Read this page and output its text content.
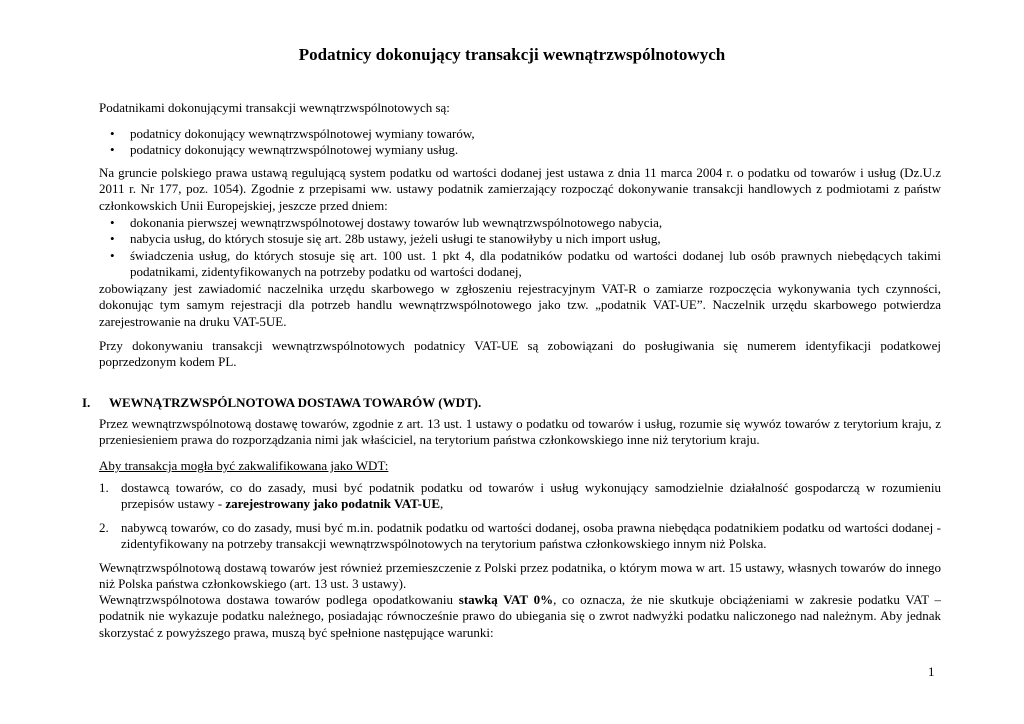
Podatnicy dokonujący transakcji wewnątrzwspólnotowych
Podatnikami dokonującymi transakcji wewnątrzwspólnotowych są:
• podatnicy dokonujący wewnątrzwspólnotowej wymiany towarów,
• podatnicy dokonujący wewnątrzwspólnotowej wymiany usług.
Na gruncie polskiego prawa ustawą regulującą system podatku od wartości dodanej jest ustawa z dnia 11 marca 2004 r. o podatku od towarów i usług (Dz.U.z 2011 r. Nr 177, poz. 1054). Zgodnie z przepisami ww. ustawy podatnik zamierzający rozpocząć dokonywanie transakcji handlowych z podmiotami z państw członkowskich Unii Europejskiej, jeszcze przed dniem:
• dokonania pierwszej wewnątrzwspólnotowej dostawy towarów lub wewnątrzwspólnotowego nabycia,
• nabycia usług, do których stosuje się art. 28b ustawy, jeżeli usługi te stanowiłyby u nich import usług,
• świadczenia usług, do których stosuje się art. 100 ust. 1 pkt 4, dla podatników podatku od wartości dodanej lub osób prawnych niebędących takimi podatnikami, zidentyfikowanych na potrzeby podatku od wartości dodanej,
zobowiązany jest zawiadomić naczelnika urzędu skarbowego w zgłoszeniu rejestracyjnym VAT-R o zamiarze rozpoczęcia wykonywania tych czynności, dokonując tym samym rejestracji dla potrzeb handlu wewnątrzwspólnotowego jako tzw. „podatnik VAT-UE”. Naczelnik urzędu skarbowego potwierdza zarejestrowanie na druku VAT-5UE.
Przy dokonywaniu transakcji wewnątrzwspólnotowych podatnicy VAT-UE są zobowiązani do posługiwania się numerem identyfikacji podatkowej poprzedzonym kodem PL.
I. WEWNĄTRZWSPÓLNOTOWA DOSTAWA TOWARÓW (WDT).
Przez wewnątrzwspólnotową dostawę towarów, zgodnie z art. 13 ust. 1 ustawy o podatku od towarów i usług, rozumie się wywóz towarów z terytorium kraju, z przeniesieniem prawa do rozporządzania nimi jak właściciel, na terytorium państwa członkowskiego inne niż terytorium kraju.
Aby transakcja mogła być zakwalifikowana jako WDT:
1. dostawcą towarów, co do zasady, musi być podatnik podatku od towarów i usług wykonujący samodzielnie działalność gospodarczą w rozumieniu przepisów ustawy - zarejestrowany jako podatnik VAT-UE,
2. nabywcą towarów, co do zasady, musi być m.in. podatnik podatku od wartości dodanej, osoba prawna niebędąca podatnikiem podatku od wartości dodanej - zidentyfikowany na potrzeby transakcji wewnątrzwspólnotowych na terytorium państwa członkowskiego innym niż Polska.
Wewnątrzwspólnotową dostawą towarów jest również przemieszczenie z Polski przez podatnika, o którym mowa w art. 15 ustawy, własnych towarów do innego niż Polska państwa członkowskiego (art. 13 ust. 3 ustawy).
Wewnątrzwspólnotowa dostawa towarów podlega opodatkowaniu stawką VAT 0%, co oznacza, że nie skutkuje obciążeniami w zakresie podatku VAT – podatnik nie wykazuje podatku należnego, posiadając równocześnie prawo do ubiegania się o zwrot nadwyżki podatku naliczonego nad należnym. Aby jednak skorzystać z powyższego prawa, muszą być spełnione następujące warunki:
1
